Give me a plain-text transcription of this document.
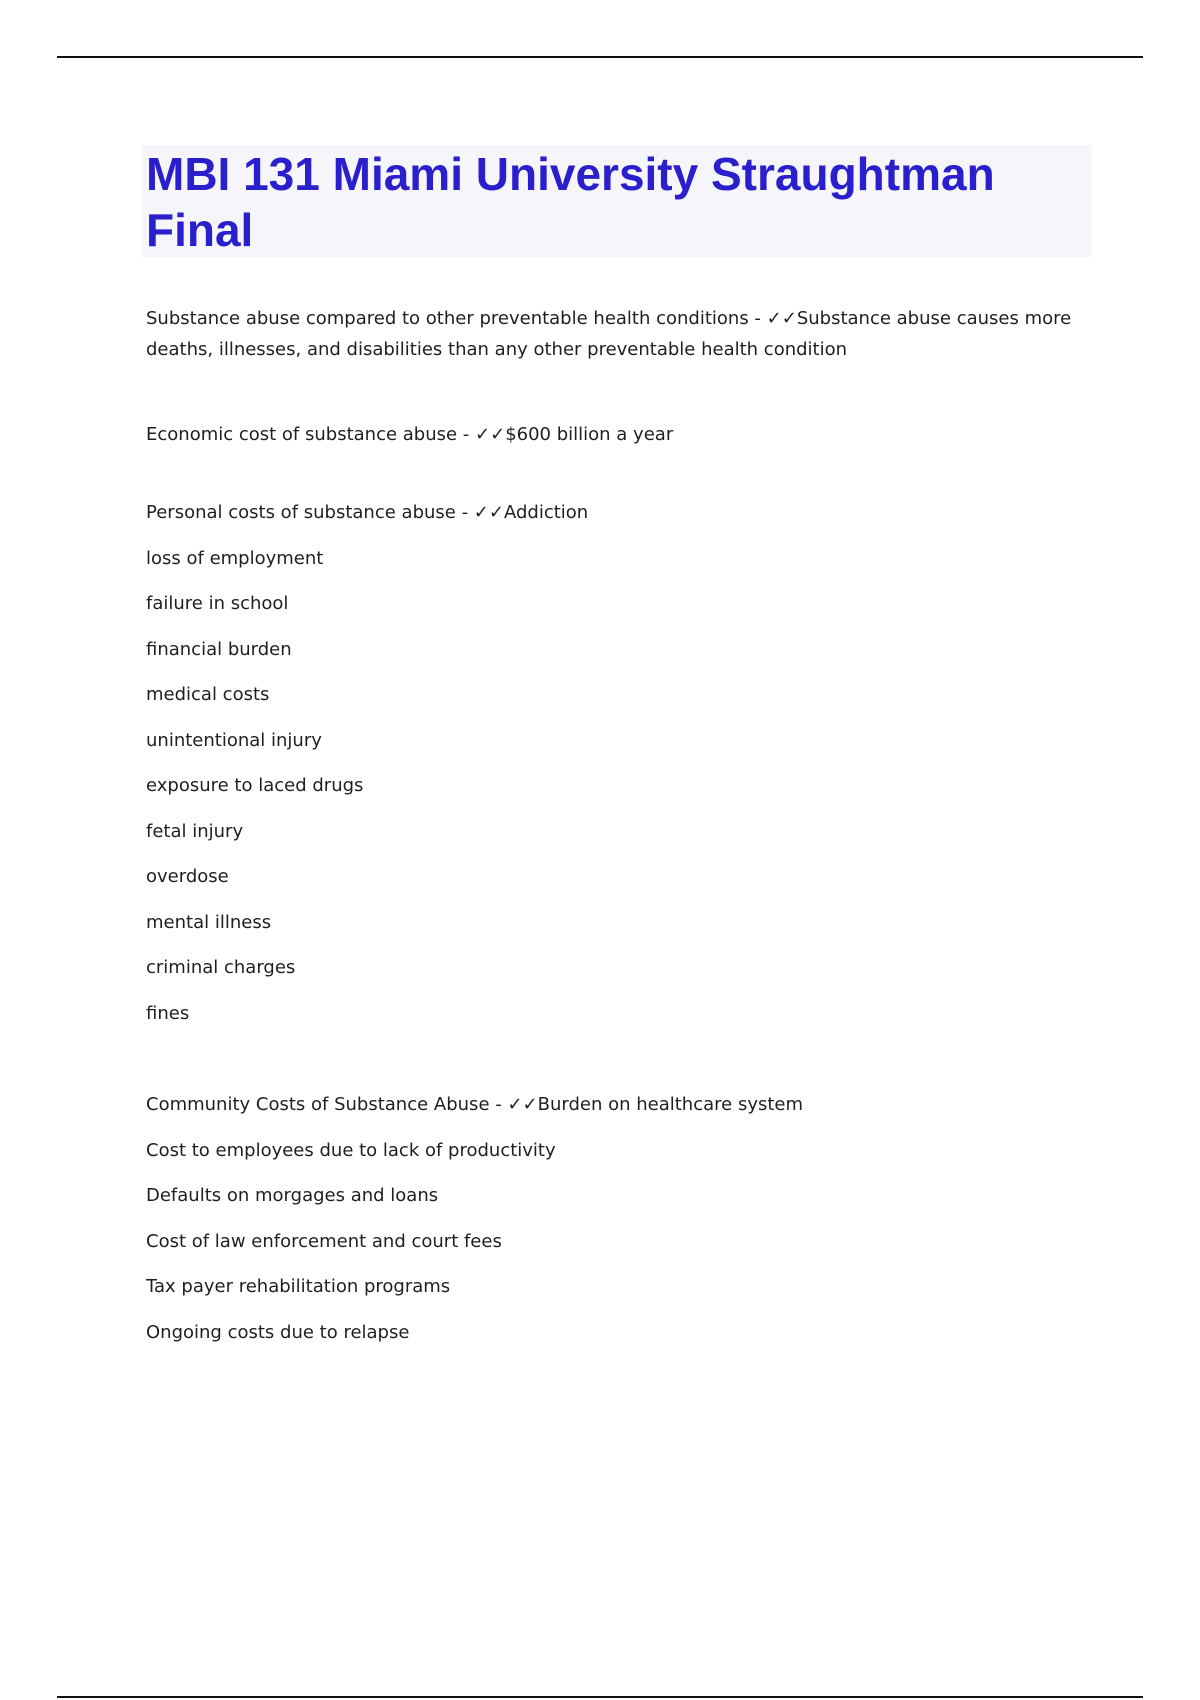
MBI 131 Miami University Straughtman Final

Substance abuse compared to other preventable health conditions - ✓✓Substance abuse causes more deaths, illnesses, and disabilities than any other preventable health condition

Economic cost of substance abuse - ✓✓$600 billion a year

Personal costs of substance abuse - ✓✓Addiction

loss of employment

failure in school

financial burden

medical costs

unintentional injury

exposure to laced drugs

fetal injury

overdose

mental illness

criminal charges

fines

Community Costs of Substance Abuse - ✓✓Burden on healthcare system

Cost to employees due to lack of productivity

Defaults on morgages and loans

Cost of law enforcement and court fees

Tax payer rehabilitation programs

Ongoing costs due to relapse
